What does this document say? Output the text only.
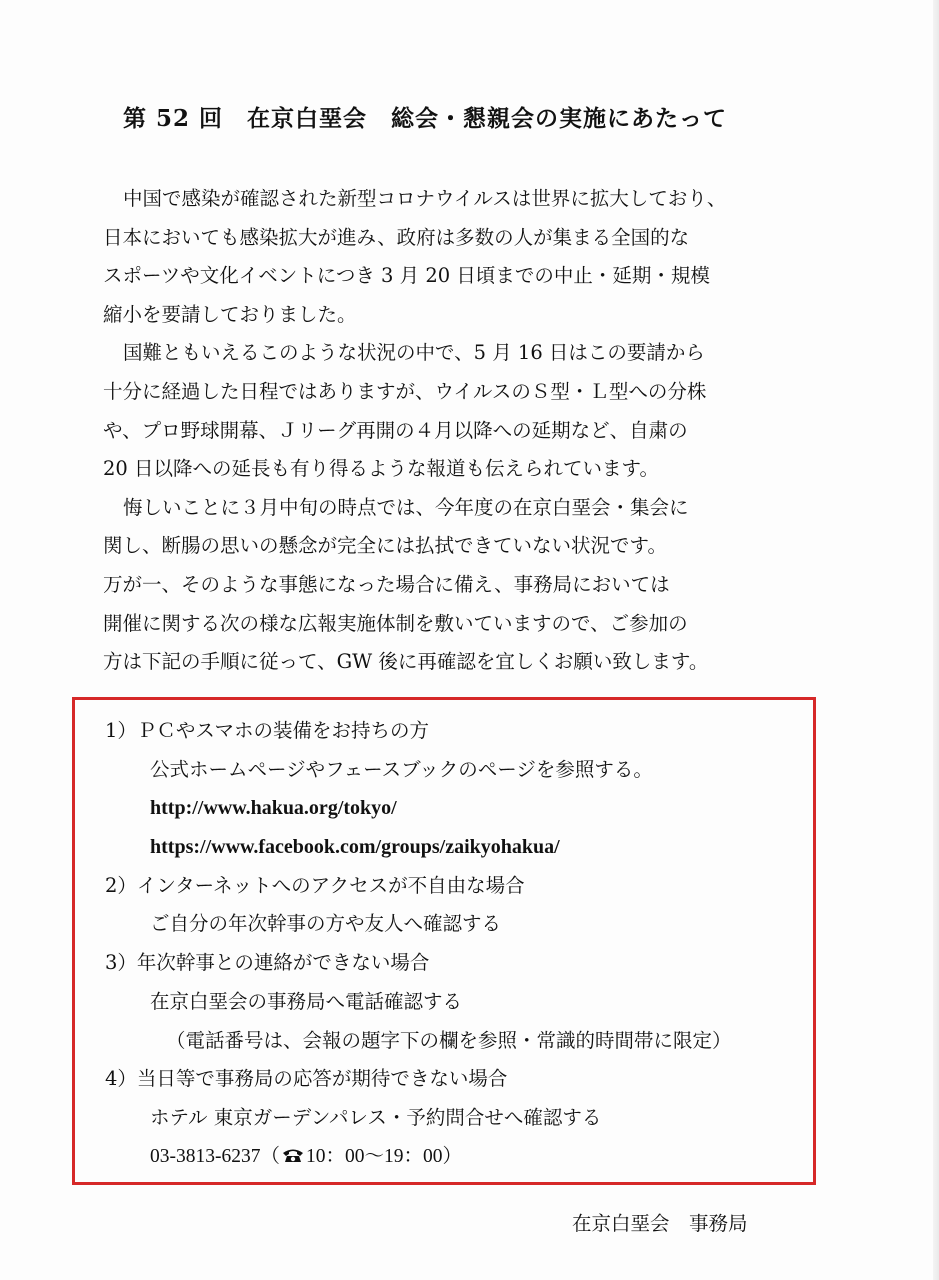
第 52 回　在京白堊会　総会・懇親会の実施にあたって
中国で感染が確認された新型コロナウイルスは世界に拡大しており、
日本においても感染拡大が進み、政府は多数の人が集まる全国的な
スポーツや文化イベントにつき 3 月 20 日頃までの中止・延期・規模
縮小を要請しておりました。
国難ともいえるこのような状況の中で、5 月 16 日はこの要請から
十分に経過した日程ではありますが、ウイルスのＳ型・Ｌ型への分株
や、プロ野球開幕、Ｊリーグ再開の４月以降への延期など、自粛の
20 日以降への延長も有り得るような報道も伝えられています。
悔しいことに３月中旬の時点では、今年度の在京白堊会・集会に
関し、断腸の思いの懸念が完全には払拭できていない状況です。
万が一、そのような事態になった場合に備え、事務局においては
開催に関する次の様な広報実施体制を敷いていますので、ご参加の
方は下記の手順に従って、GW 後に再確認を宜しくお願い致します。
1）ＰＣやスマホの装備をお持ちの方
公式ホームページやフェースブックのページを参照する。
http://www.hakua.org/tokyo/
https://www.facebook.com/groups/zaikyohakua/
2）インターネットへのアクセスが不自由な場合
ご自分の年次幹事の方や友人へ確認する
3）年次幹事との連絡ができない場合
在京白堊会の事務局へ電話確認する
（電話番号は、会報の題字下の欄を参照・常識的時間帯に限定）
4）当日等で事務局の応答が期待できない場合
ホテル 東京ガーデンパレス・予約問合せへ確認する
03-3813-6237（ 10：00～19：00）
在京白堊会　事務局
